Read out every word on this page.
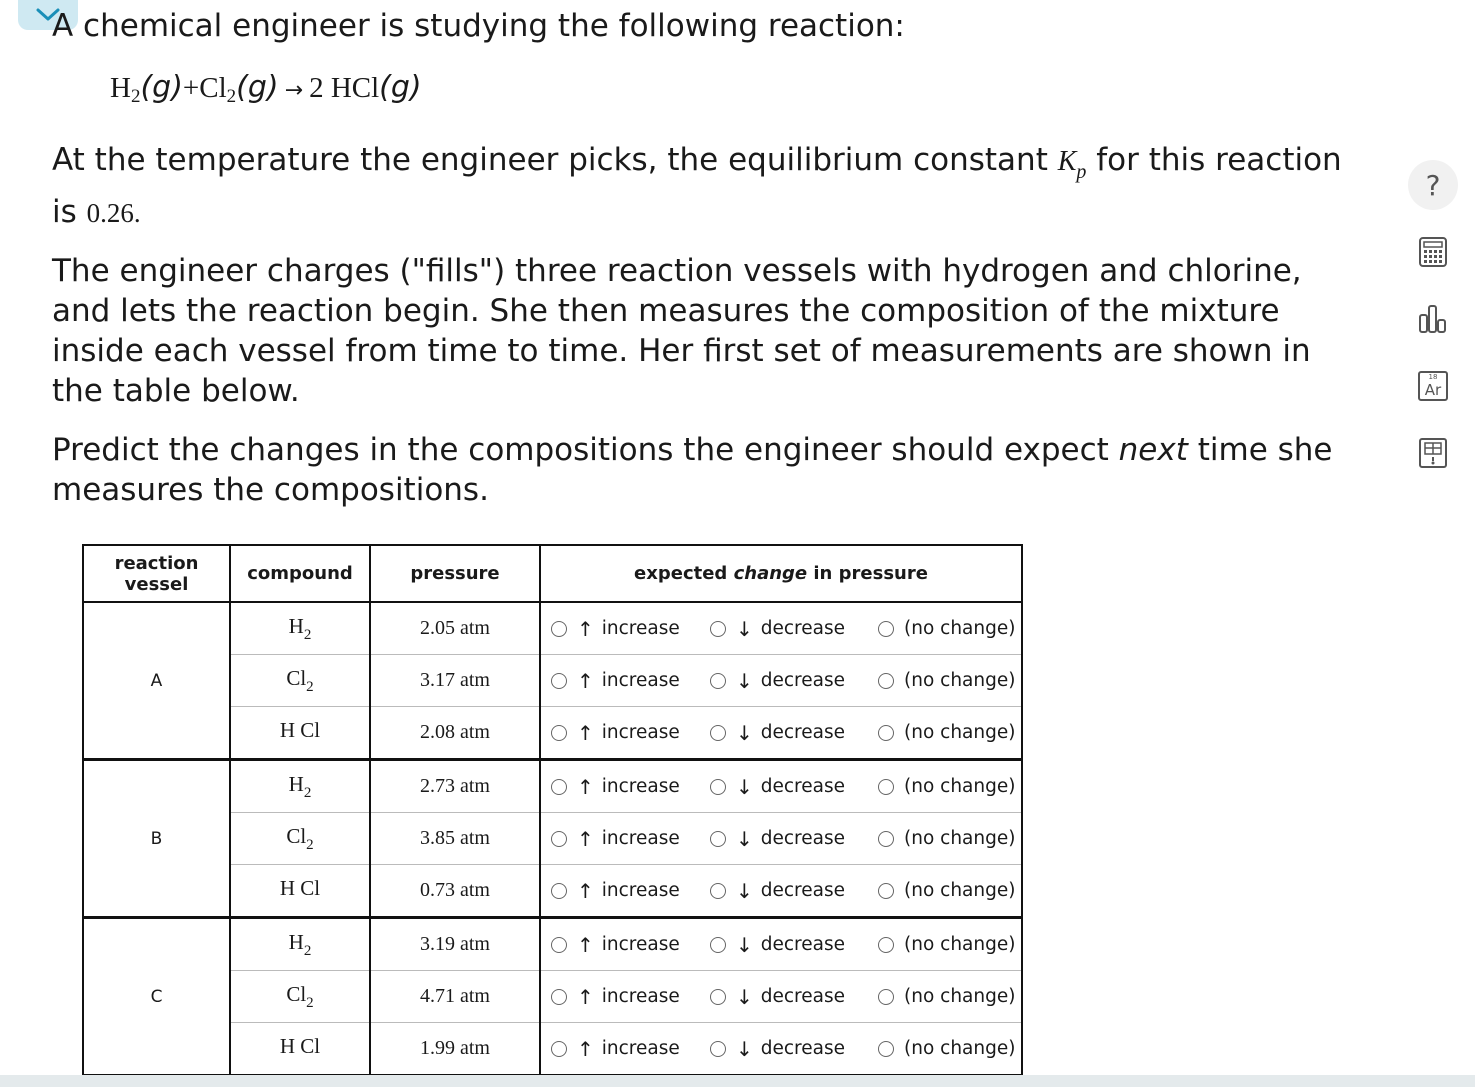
A chemical engineer is studying the following reaction:
$H_2(g)+Cl_2(g) \to 2$ HCl(g)
At the temperature the engineer picks, the equilibrium constant $K_p$ for this reaction is 0.26.
The engineer charges ("fills") three reaction vessels with hydrogen and chlorine, and lets the reaction begin. She then measures the composition of the mixture inside each vessel from time to time. Her first set of measurements are shown in the table below.
Predict the changes in the compositions the engineer should expect next time she measures the compositions.
?
18
Ar
reaction
vessel	compound	pressure	expected change in pressure
A	$H_2$	2.05 atm	↑ increase ↓ decrease (no change)

	$Cl_2$	3.17 atm	↑ increase ↓ decrease (no change)

	H Cl	2.08 atm	↑ increase ↓ decrease (no change)

B	$H_2$	2.73 atm	↑ increase ↓ decrease (no change)

	$Cl_2$	3.85 atm	↑ increase ↓ decrease (no change)

	H Cl	0.73 atm	↑ increase ↓ decrease (no change)

C	$H_2$	3.19 atm	↑ increase ↓ decrease (no change)

	$Cl_2$	4.71 atm	↑ increase ↓ decrease (no change)

	H Cl	1.99 atm	↑ increase ↓ decrease (no change)
